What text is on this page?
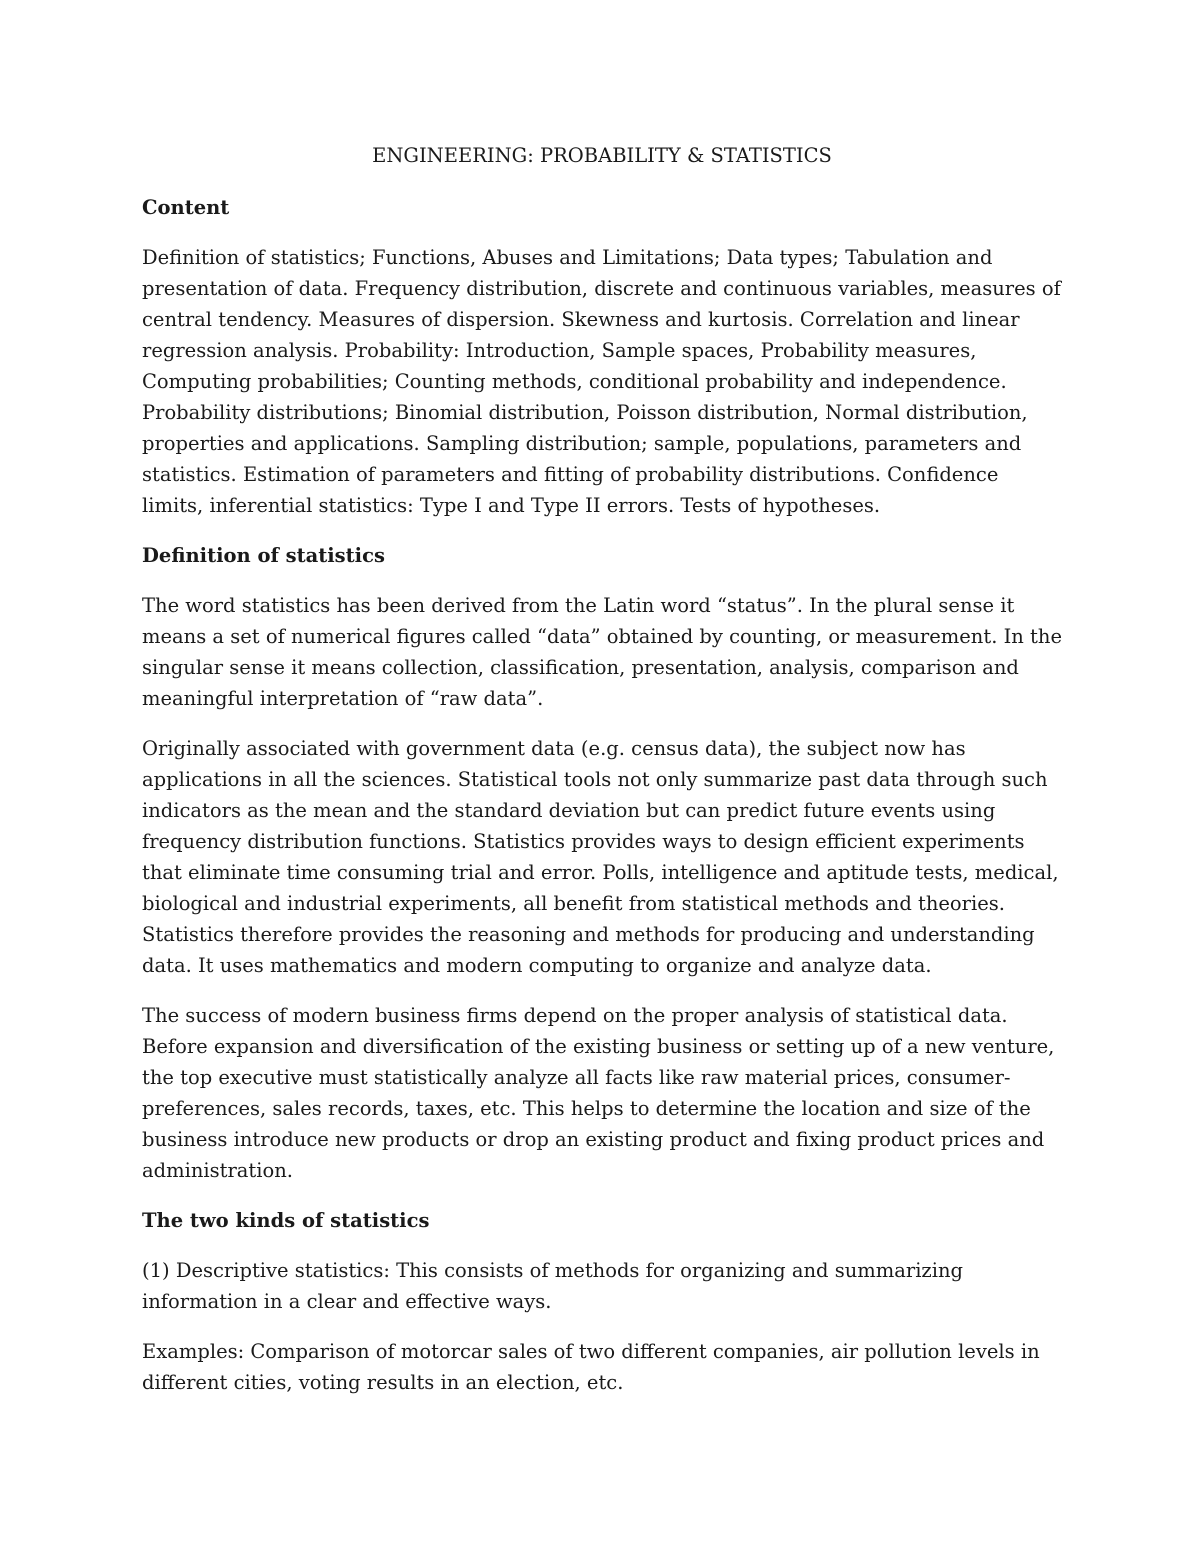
ENGINEERING: PROBABILITY & STATISTICS
Content

Definition of statistics; Functions, Abuses and Limitations; Data types; Tabulation and presentation of data. Frequency distribution, discrete and continuous variables, measures of central tendency. Measures of dispersion. Skewness and kurtosis. Correlation and linear regression analysis. Probability: Introduction, Sample spaces, Probability measures, Computing probabilities; Counting methods, conditional probability and independence. Probability distributions; Binomial distribution, Poisson distribution, Normal distribution, properties and applications. Sampling distribution; sample, populations, parameters and statistics. Estimation of parameters and fitting of probability distributions. Confidence limits, inferential statistics: Type I and Type II errors. Tests of hypotheses.

Definition of statistics

The word statistics has been derived from the Latin word “status”. In the plural sense it means a set of numerical figures called “data” obtained by counting, or measurement. In the singular sense it means collection, classification, presentation, analysis, comparison and meaningful interpretation of “raw data”.

Originally associated with government data (e.g. census data), the subject now has applications in all the sciences. Statistical tools not only summarize past data through such indicators as the mean and the standard deviation but can predict future events using frequency distribution functions. Statistics provides ways to design efficient experiments that eliminate time consuming trial and error. Polls, intelligence and aptitude tests, medical, biological and industrial experiments, all benefit from statistical methods and theories. Statistics therefore provides the reasoning and methods for producing and understanding data. It uses mathematics and modern computing to organize and analyze data.

The success of modern business firms depend on the proper analysis of statistical data. Before expansion and diversification of the existing business or setting up of a new venture, the top executive must statistically analyze all facts like raw material prices, consumer-preferences, sales records, taxes, etc. This helps to determine the location and size of the business introduce new products or drop an existing product and fixing product prices and administration.

The two kinds of statistics

(1) Descriptive statistics: This consists of methods for organizing and summarizing information in a clear and effective ways.

Examples: Comparison of motorcar sales of two different companies, air pollution levels in different cities, voting results in an election, etc.
